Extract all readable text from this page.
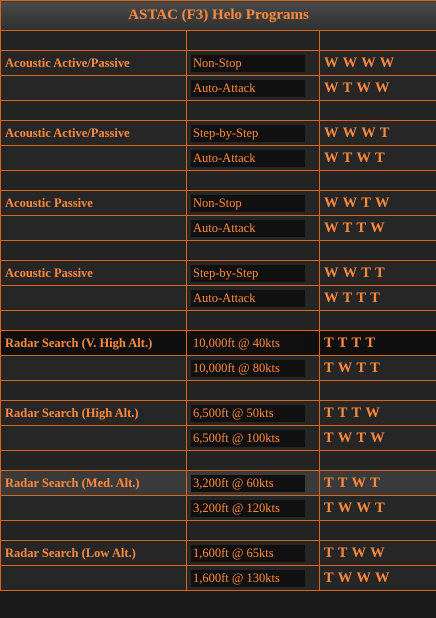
ASTAC (F3) Helo Programs		

Acoustic Active/Passive	Non-Stop	W W W W

	Auto-Attack	W T W W

Acoustic Active/Passive	Step-by-Step	W W W T

	Auto-Attack	W T W T

Acoustic Passive	Non-Stop	W W T W

	Auto-Attack	W T T W

Acoustic Passive	Step-by-Step	W W T T

	Auto-Attack	W T T T

Radar Search (V. High Alt.)	10,000ft @ 40kts	T T T T

	10,000ft @ 80kts	T W T T

Radar Search (High Alt.)	6,500ft @ 50kts	T T T W

	6,500ft @ 100kts	T W T W

Radar Search (Med. Alt.)	3,200ft @ 60kts	T T W T

	3,200ft @ 120kts	T W W T

Radar Search (Low Alt.)	1,600ft @ 65kts	T T W W

	1,600ft @ 130kts	T W W W
